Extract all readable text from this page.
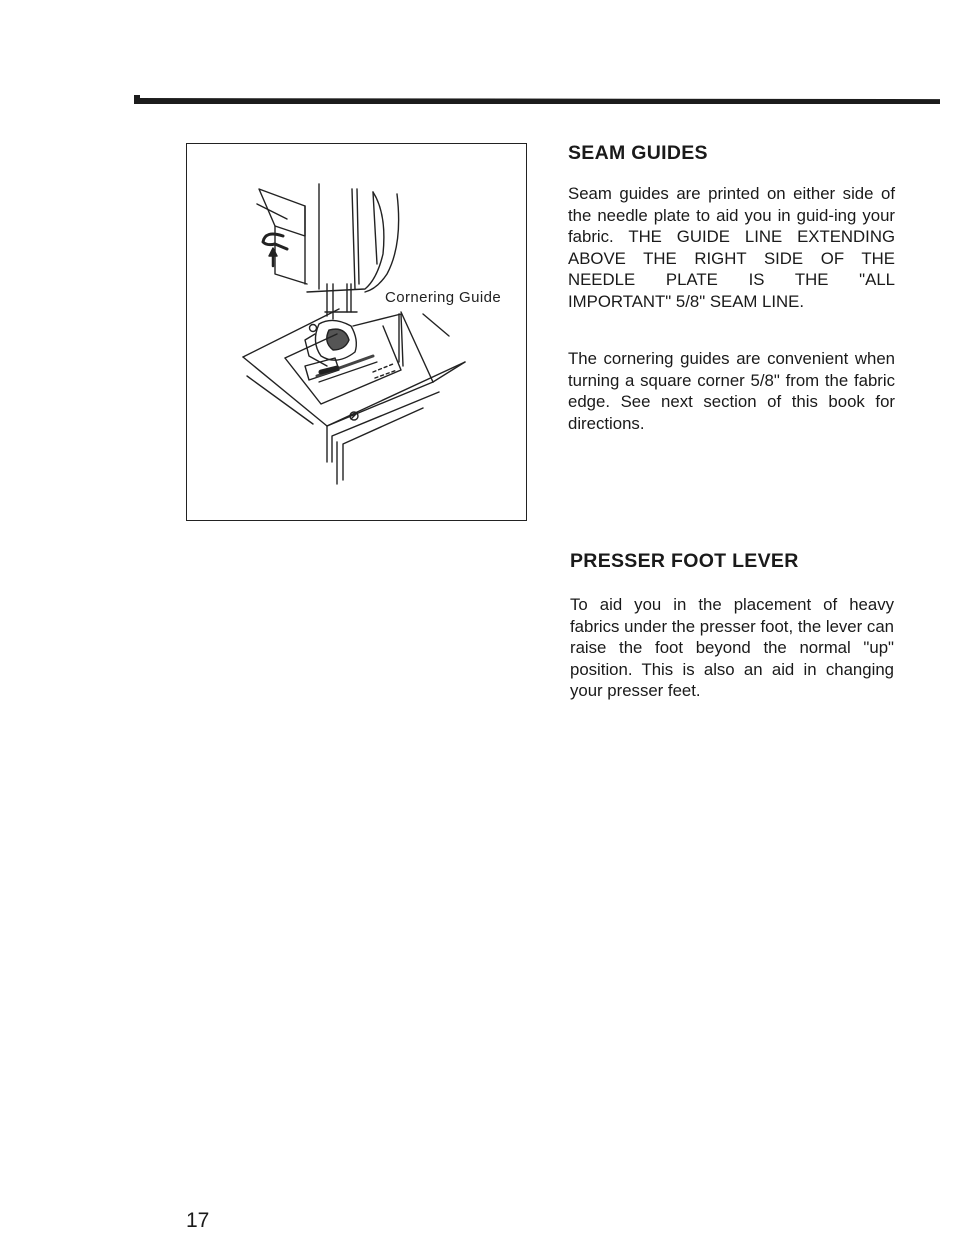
Cornering Guide
SEAM GUIDES
Seam guides are printed on either side of the needle plate to aid you in guid-ing your fabric. THE GUIDE LINE EXTENDING ABOVE THE RIGHT SIDE OF THE NEEDLE PLATE IS THE "ALL IMPORTANT" 5/8" SEAM LINE.
The cornering guides are convenient when turning a square corner 5/8" from the fabric edge. See next section of this book for directions.
PRESSER FOOT LEVER
To aid you in the placement of heavy fabrics under the presser foot, the lever can raise the foot beyond the normal "up" position. This is also an aid in changing your presser feet.
17
